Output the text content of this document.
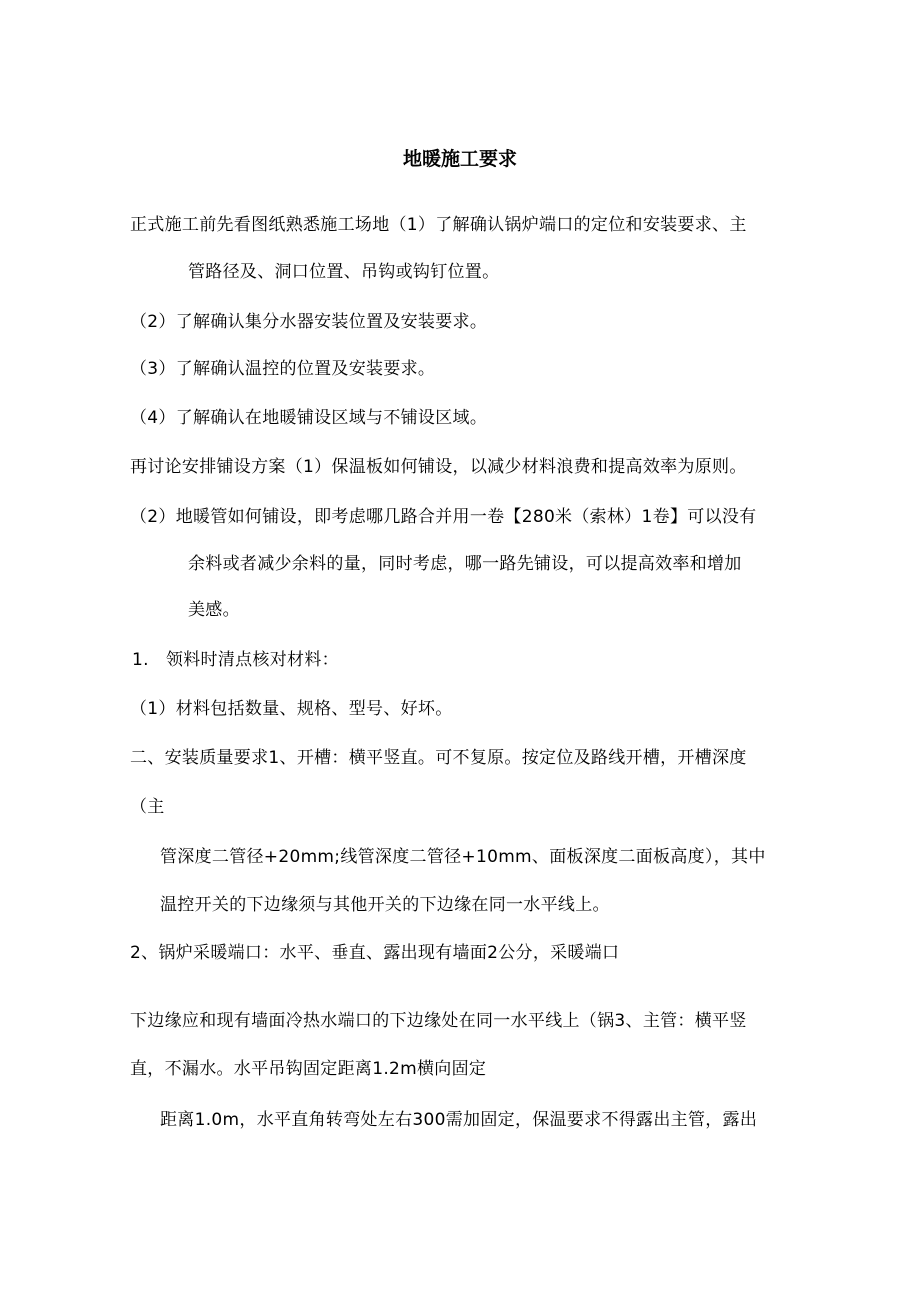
地暖施工要求
正式施工前先看图纸熟悉施工场地（1）了解确认锅炉端口的定位和安装要求、主
管路径及、洞口位置、吊钩或钩钉位置。
（2）了解确认集分水器安装位置及安装要求。
（3）了解确认温控的位置及安装要求。
（4）了解确认在地暖铺设区域与不铺设区域。
再讨论安排铺设方案（1）保温板如何铺设，以减少材料浪费和提高效率为原则。
（2）地暖管如何铺设，即考虑哪几路合并用一卷【280米（索林）1卷】可以没有
余料或者减少余料的量，同时考虑，哪一路先铺设，可以提高效率和增加
美感。
1.   领料时清点核对材料：
（1）材料包括数量、规格、型号、好坏。
二、安装质量要求1、开槽：横平竖直。可不复原。按定位及路线开槽，开槽深度
（主
管深度二管径+20mm;线管深度二管径+10mm、面板深度二面板高度），其中
温控开关的下边缘须与其他开关的下边缘在同一水平线上。
2、锅炉采暖端口：水平、垂直、露出现有墙面2公分，采暖端口
下边缘应和现有墙面冷热水端口的下边缘处在同一水平线上（锅3、主管：横平竖
直，不漏水。水平吊钩固定距离1.2m横向固定
距离1.0m，水平直角转弯处左右300需加固定，保温要求不得露出主管，露出
